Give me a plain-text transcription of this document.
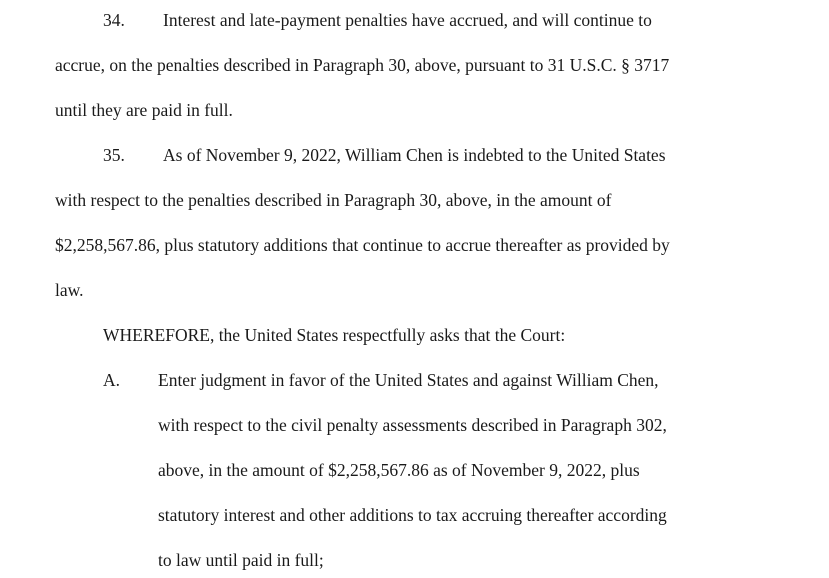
34. Interest and late-payment penalties have accrued, and will continue to
accrue, on the penalties described in Paragraph 30, above, pursuant to 31 U.S.C. § 3717
until they are paid in full.
35. As of November 9, 2022, William Chen is indebted to the United States
with respect to the penalties described in Paragraph 30, above, in the amount of
$2,258,567.86, plus statutory additions that continue to accrue thereafter as provided by
law.
WHEREFORE, the United States respectfully asks that the Court:
A. Enter judgment in favor of the United States and against William Chen,
with respect to the civil penalty assessments described in Paragraph 302,
above, in the amount of $2,258,567.86 as of November 9, 2022, plus
statutory interest and other additions to tax accruing thereafter according
to law until paid in full;
